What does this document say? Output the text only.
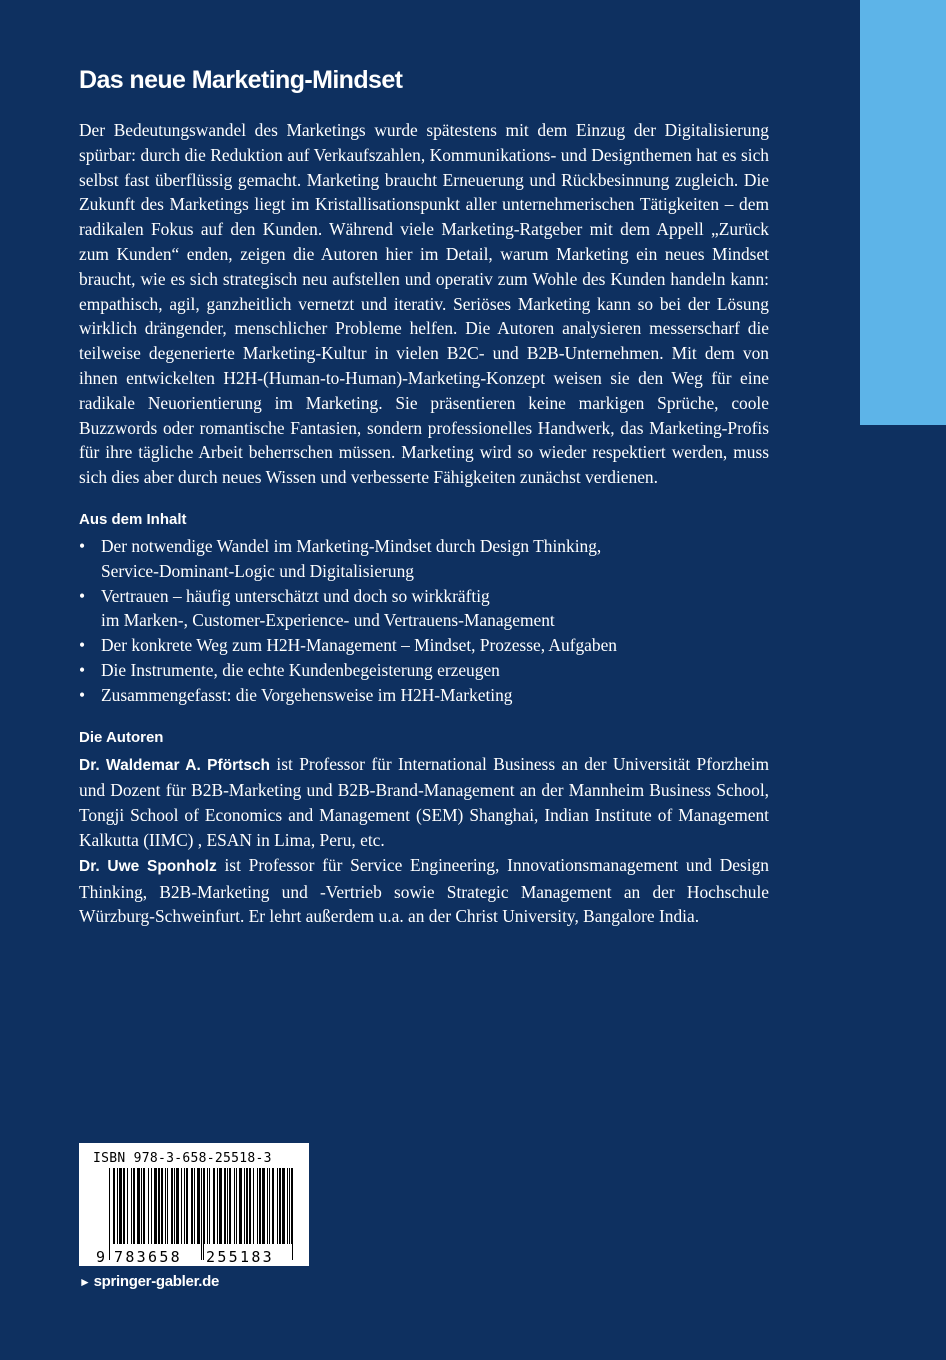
Das neue Marketing-Mindset

Der Bedeutungswandel des Marketings wurde spätestens mit dem Einzug der Digitalisierung spürbar: durch die Reduktion auf Verkaufszahlen, Kommunikations- und Designthemen hat es sich selbst fast überflüssig gemacht. Marketing braucht Erneuerung und Rückbesinnung zugleich. Die Zukunft des Marketings liegt im Kristallisationspunkt aller unternehmerischen Tätigkeiten – dem radikalen Fokus auf den Kunden. Während viele Marketing-Ratgeber mit dem Appell „Zurück zum Kunden“ enden, zeigen die Autoren hier im Detail, warum Marketing ein neues Mindset braucht, wie es sich strategisch neu aufstellen und operativ zum Wohle des Kunden handeln kann: empathisch, agil, ganzheitlich vernetzt und iterativ. Seriöses Marketing kann so bei der Lösung wirklich drängender, menschlicher Probleme helfen. Die Autoren analysieren messerscharf die teilweise degenerierte Marketing-Kultur in vielen B2C- und B2B-Unternehmen. Mit dem von ihnen entwickelten H2H-(Human-to-Human)-Marketing-Konzept weisen sie den Weg für eine radikale Neuorientierung im Marketing. Sie präsentieren keine markigen Sprüche, coole Buzzwords oder romantische Fantasien, sondern professionelles Handwerk, das Marketing-Profis für ihre tägliche Arbeit beherrschen müssen. Marketing wird so wieder respektiert werden, muss sich dies aber durch neues Wissen und verbesserte Fähigkeiten zunächst verdienen.

Aus dem Inhalt
• Der notwendige Wandel im Marketing-Mindset durch Design Thinking,
Service-Dominant-Logic und Digitalisierung
• Vertrauen – häufig unterschätzt und doch so wirkkräftig
im Marken-, Customer-Experience- und Vertrauens-Management
• Der konkrete Weg zum H2H-Management – Mindset, Prozesse, Aufgaben
• Die Instrumente, die echte Kundenbegeisterung erzeugen
• Zusammengefasst: die Vorgehensweise im H2H-Marketing
Die Autoren

Dr. Waldemar A. Pförtsch ist Professor für International Business an der Universität Pforzheim und Dozent für B2B-Marketing und B2B-Brand-Management an der Mannheim Business School, Tongji School of Economics and Management (SEM) Shanghai, Indian Institute of Management Kalkutta (IIMC) , ESAN in Lima, Peru, etc.
Dr. Uwe Sponholz ist Professor für Service Engineering, Innovationsmanagement und Design Thinking, B2B-Marketing und -Vertrieb sowie Strategic Management an der Hochschule Würzburg-Schweinfurt. Er lehrt außerdem u.a. an der Christ University, Bangalore India.

ISBN 978-3-658-25518-3
9 783658 255183
► springer-gabler.de
